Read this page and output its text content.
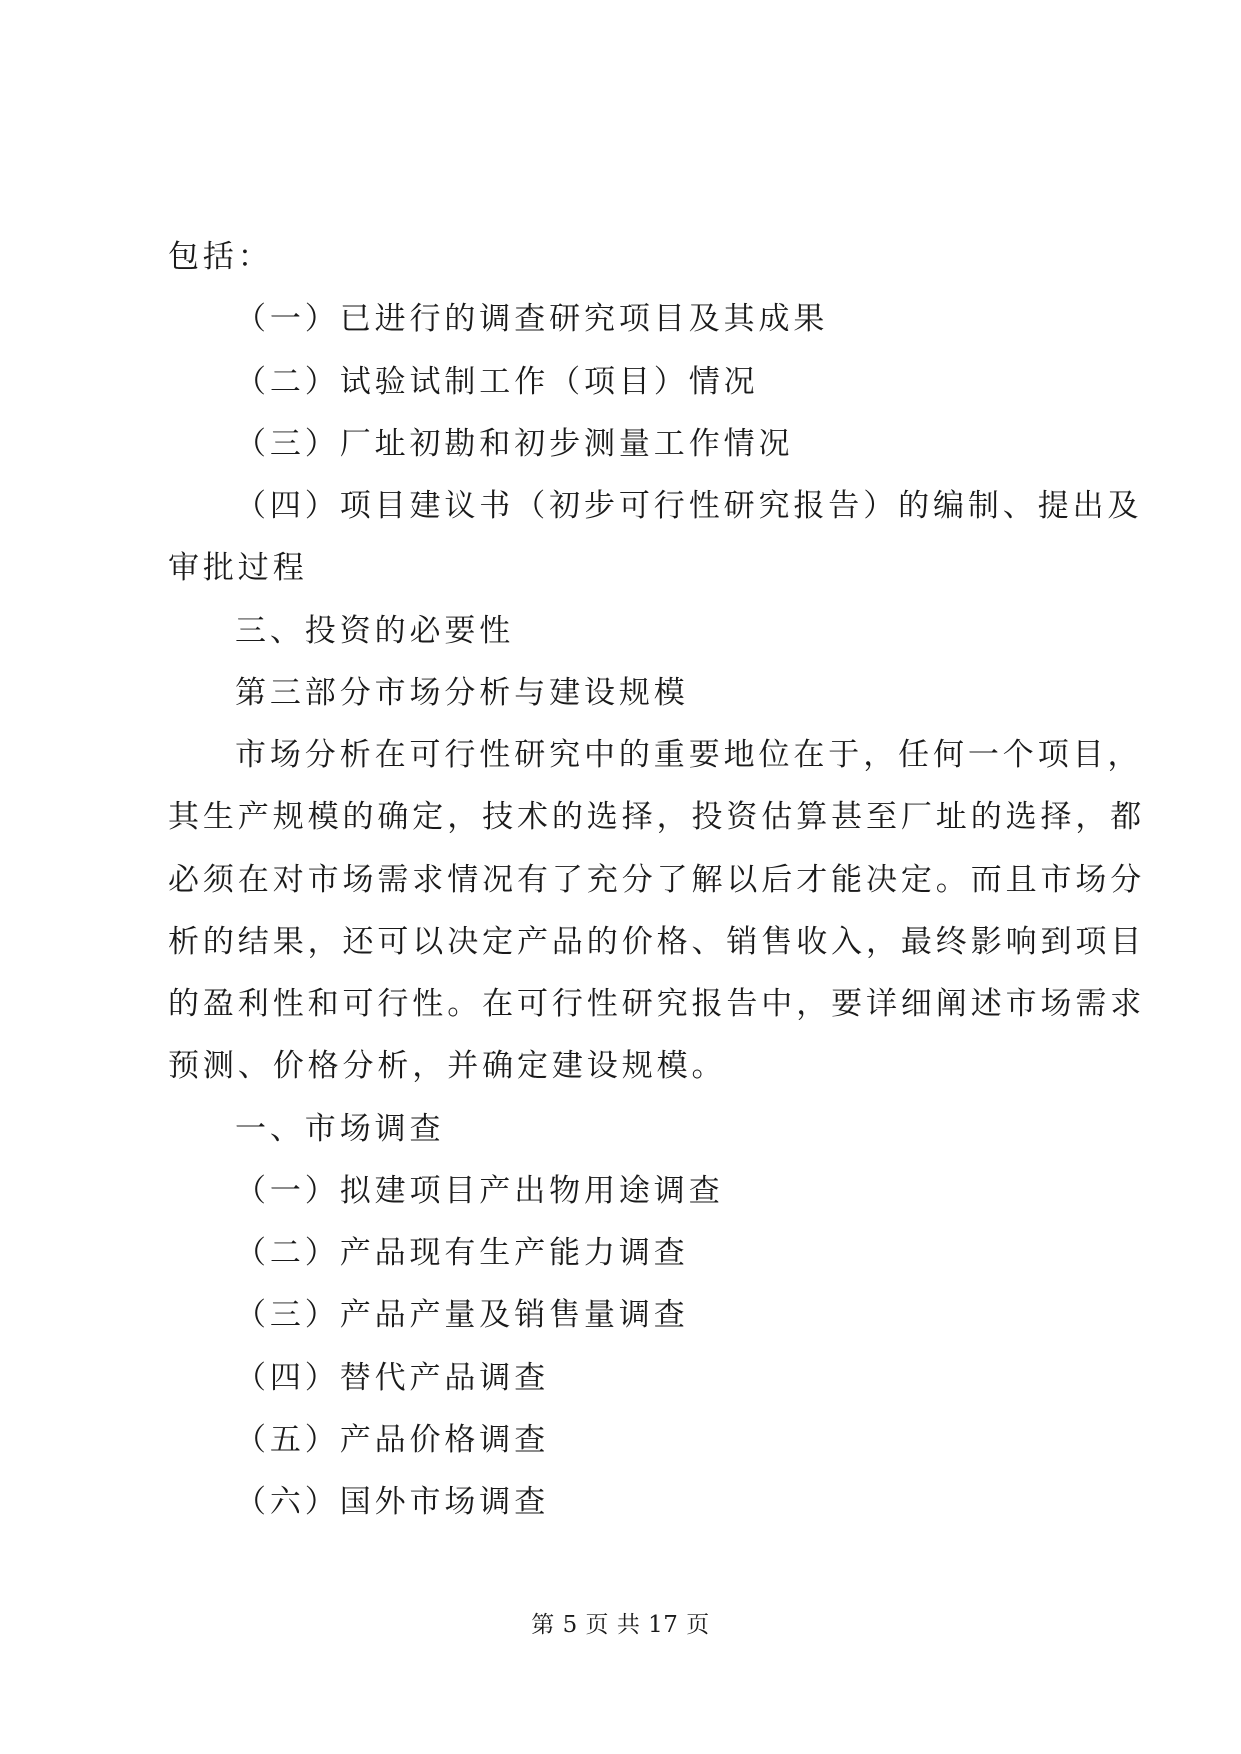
包括：
（一）已进行的调查研究项目及其成果
（二）试验试制工作（项目）情况
（三）厂址初勘和初步测量工作情况
（四）项目建议书（初步可行性研究报告）的编制、提出及
审批过程
三、投资的必要性
第三部分市场分析与建设规模
市场分析在可行性研究中的重要地位在于，任何一个项目，
其生产规模的确定，技术的选择，投资估算甚至厂址的选择，都
必须在对市场需求情况有了充分了解以后才能决定。而且市场分
析的结果，还可以决定产品的价格、销售收入，最终影响到项目
的盈利性和可行性。在可行性研究报告中，要详细阐述市场需求
预测、价格分析，并确定建设规模。
一、市场调查
（一）拟建项目产出物用途调查
（二）产品现有生产能力调查
（三）产品产量及销售量调查
（四）替代产品调查
（五）产品价格调查
（六）国外市场调查
第 5 页 共 17 页
